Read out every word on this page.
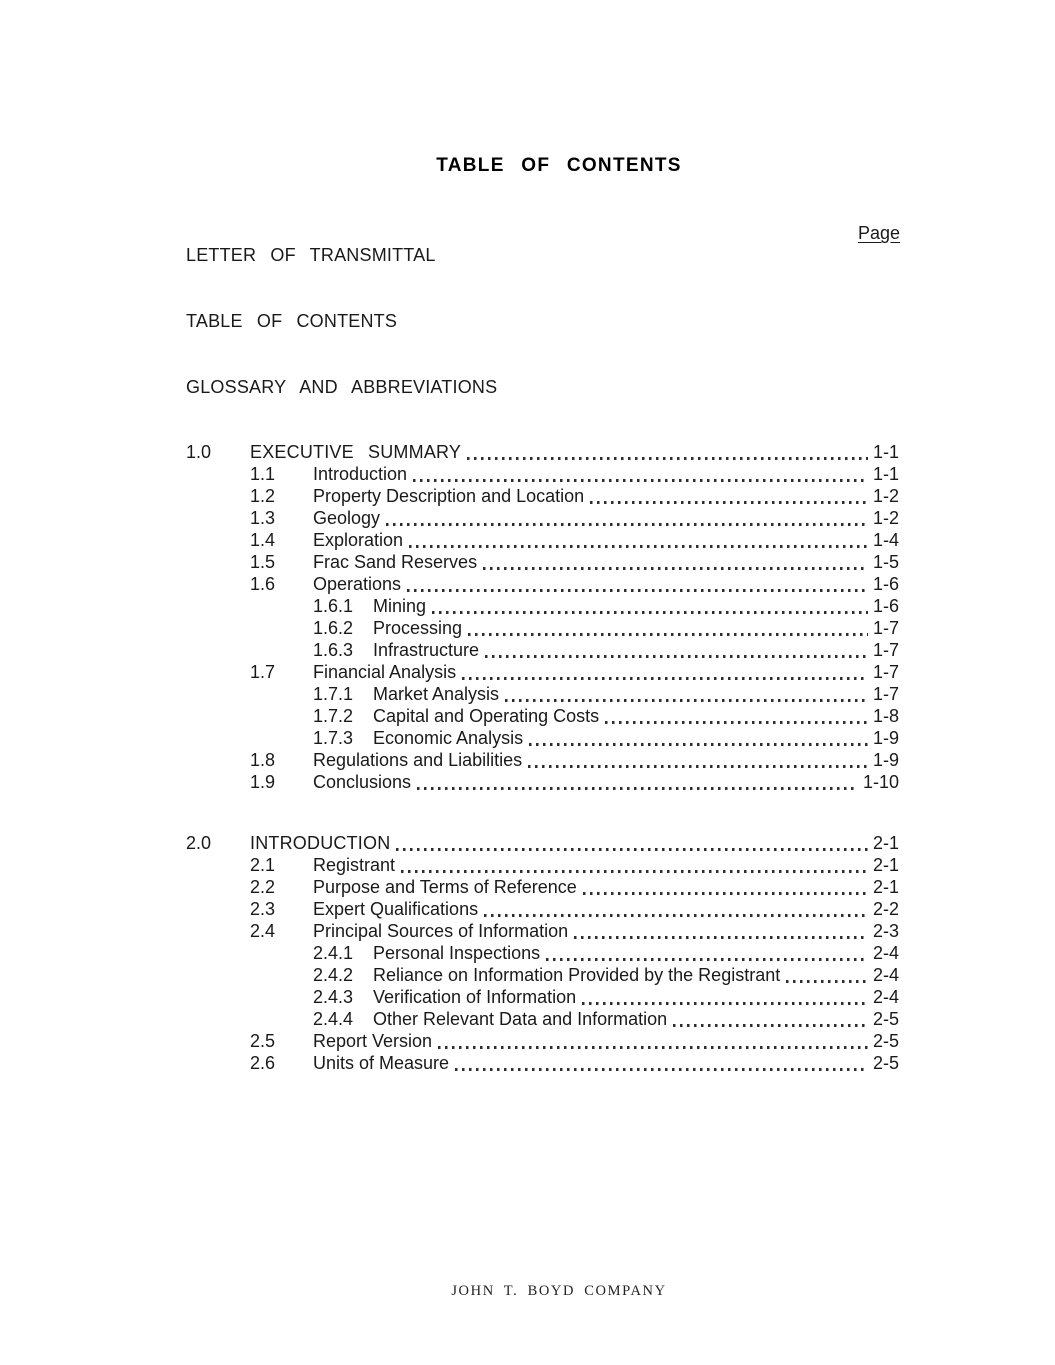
TABLE OF CONTENTS
Page
LETTER OF TRANSMITTAL
TABLE OF CONTENTS
GLOSSARY AND ABBREVIATIONS
1.0	EXECUTIVE SUMMARY	1-1
1.1	Introduction	1-1
1.2	Property Description and Location	1-2
1.3	Geology	1-2
1.4	Exploration	1-4
1.5	Frac Sand Reserves	1-5
1.6	Operations	1-6
1.6.1	Mining	1-6
1.6.2	Processing	1-7
1.6.3	Infrastructure	1-7
1.7	Financial Analysis	1-7
1.7.1	Market Analysis	1-7
1.7.2	Capital and Operating Costs	1-8
1.7.3	Economic Analysis	1-9
1.8	Regulations and Liabilities	1-9
1.9	Conclusions	1-10
2.0	INTRODUCTION	2-1
2.1	Registrant	2-1
2.2	Purpose and Terms of Reference	2-1
2.3	Expert Qualifications	2-2
2.4	Principal Sources of Information	2-3
2.4.1	Personal Inspections	2-4
2.4.2	Reliance on Information Provided by the Registrant	2-4
2.4.3	Verification of Information	2-4
2.4.4	Other Relevant Data and Information	2-5
2.5	Report Version	2-5
2.6	Units of Measure	2-5
JOHN T. BOYD COMPANY
